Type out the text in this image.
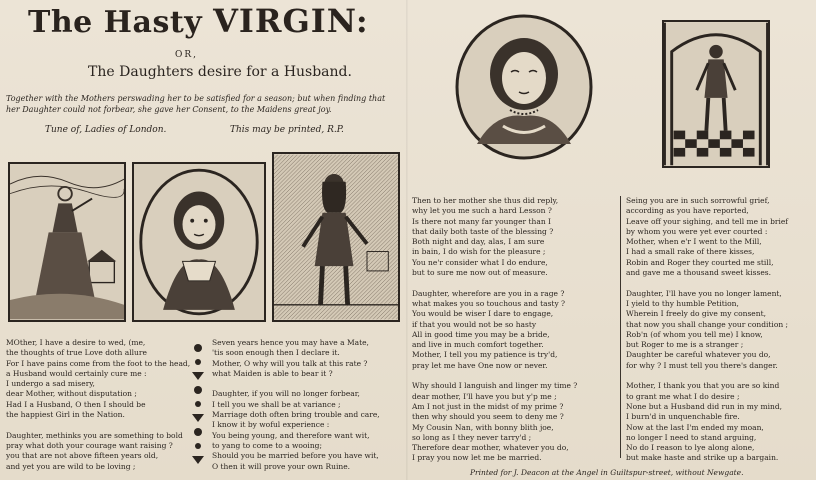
The Hasty VIRGIN:
OR,
The Daughters desire for a Husband.
Together with the Mothers perswading her to be satisfied for a season; but when finding that
her Daughter could not forbear, she gave her Consent, to the Maidens great joy.
Tune of, Ladies of London.	This may be printed, R.P.
MOther, I have a desire to wed, (me,
the thoughts of true Love doth allure
For I have pains come from the foot to the head,
a Husband would certainly cure me :
I undergo a sad misery,
dear Mother, without disputation ;
Had I a Husband, O then I should be
the happiest Girl in the Nation.

Daughter, methinks you are something to bold
pray what doth your courage want raising ?
you that are not above fifteen years old,
and yet you are wild to be loving ;
Seven years hence you may have a Mate,
'tis soon enough then I declare it.
Mother, O why will you talk at this rate ?
what Maiden is able to bear it ?

Daughter, if you will no longer forbear,
I tell you we shall be at variance ;
Marriage doth often bring trouble and care,
I know it by woful experience :
You being young, and therefore want wit,
to yang to come to a wooing;
Should you be married before you have wit,
O then it will prove your own Ruine.
Then to her mother she thus did reply,
why let you me such a hard Lesson ?
Is there not many far younger than I
that daily both taste of the blessing ?
Both night and day, alas, I am sure
in bain, I do wish for the pleasure ;
You ne'r consider what I do endure,
but to sure me now out of measure.

Daughter, wherefore are you in a rage ?
what makes you so touchous and tasty ?
You would be wiser I dare to engage,
if that you would not be so hasty
All in good time you may be a bride,
and live in much comfort together.
Mother, I tell you my patience is try'd,
pray let me have One now or never.

Why should I languish and linger my time ?
dear mother, I'll have you but y'p me ;
Am I not just in the midst of my prime ?
then why should you seem to deny me ?
My Cousin Nan, with bonny blith joe,
so long as I they never tarry'd ;
Therefore dear mother, whatever you do,
I pray you now let me be married.
Seing you are in such sorrowful grief,
according as you have reported,
Leave off your sighing, and tell me in brief
by whom you were yet ever courted :
Mother, when e'r I went to the Mill,
I had a small rake of there kisses,
Robin and Roger they courted me still,
and gave me a thousand sweet kisses.

Daughter, I'll have you no longer lament,
I yield to thy humble Petition,
Wherein I freely do give my consent,
that now you shall change your condition ;
Rob'n (of whom you tell me) I know,
but Roger to me is a stranger ;
Daughter be careful whatever you do,
for why ? I must tell you there's danger.

Mother, I thank you that you are so kind
to grant me what I do desire ;
None but a Husband did run in my mind,
I burn'd in unquenchable fire.
Now at the last I'm ended my moan,
no longer I need to stand arguing,
No do I reason to lye along alone,
but make haste and strike up a bargain.
Printed for J. Deacon at the Angel in Guiltspur-street, without Newgate.
